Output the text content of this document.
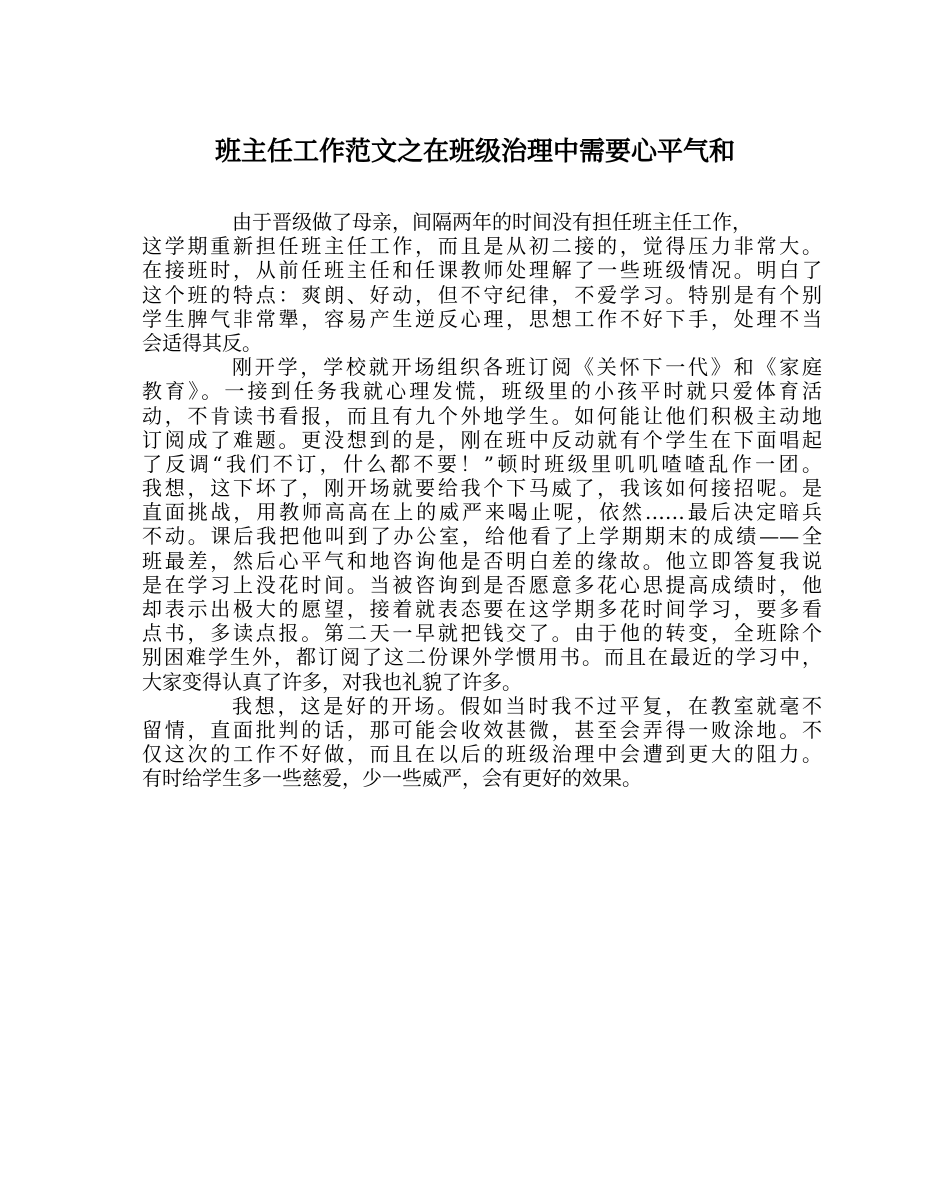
班主任工作范文之在班级治理中需要心平气和
由于晋级做了母亲，间隔两年的时间没有担任班主任工作，
这学期重新担任班主任工作，而且是从初二接的，觉得压力非常大。
在接班时，从前任班主任和任课教师处理解了一些班级情况。明白了
这个班的特点：爽朗、好动，但不守纪律，不爱学习。特别是有个别
学生脾气非常犟，容易产生逆反心理，思想工作不好下手，处理不当
会适得其反。
刚开学，学校就开场组织各班订阅《关怀下一代》和《家庭
教育》。一接到任务我就心理发慌，班级里的小孩平时就只爱体育活
动，不肯读书看报，而且有九个外地学生。如何能让他们积极主动地
订阅成了难题。更没想到的是，刚在班中反动就有个学生在下面唱起
了反调“我们不订，什么都不要！”顿时班级里叽叽喳喳乱作一团。
我想，这下坏了，刚开场就要给我个下马威了，我该如何接招呢。是
直面挑战，用教师高高在上的威严来喝止呢，依然……最后决定暗兵
不动。课后我把他叫到了办公室，给他看了上学期期末的成绩——全
班最差，然后心平气和地咨询他是否明白差的缘故。他立即答复我说
是在学习上没花时间。当被咨询到是否愿意多花心思提高成绩时，他
却表示出极大的愿望，接着就表态要在这学期多花时间学习，要多看
点书，多读点报。第二天一早就把钱交了。由于他的转变，全班除个
别困难学生外，都订阅了这二份课外学惯用书。而且在最近的学习中，
大家变得认真了许多，对我也礼貌了许多。
我想，这是好的开场。假如当时我不过平复，在教室就毫不
留情，直面批判的话，那可能会收效甚微，甚至会弄得一败涂地。不
仅这次的工作不好做，而且在以后的班级治理中会遭到更大的阻力。
有时给学生多一些慈爱，少一些威严，会有更好的效果。
